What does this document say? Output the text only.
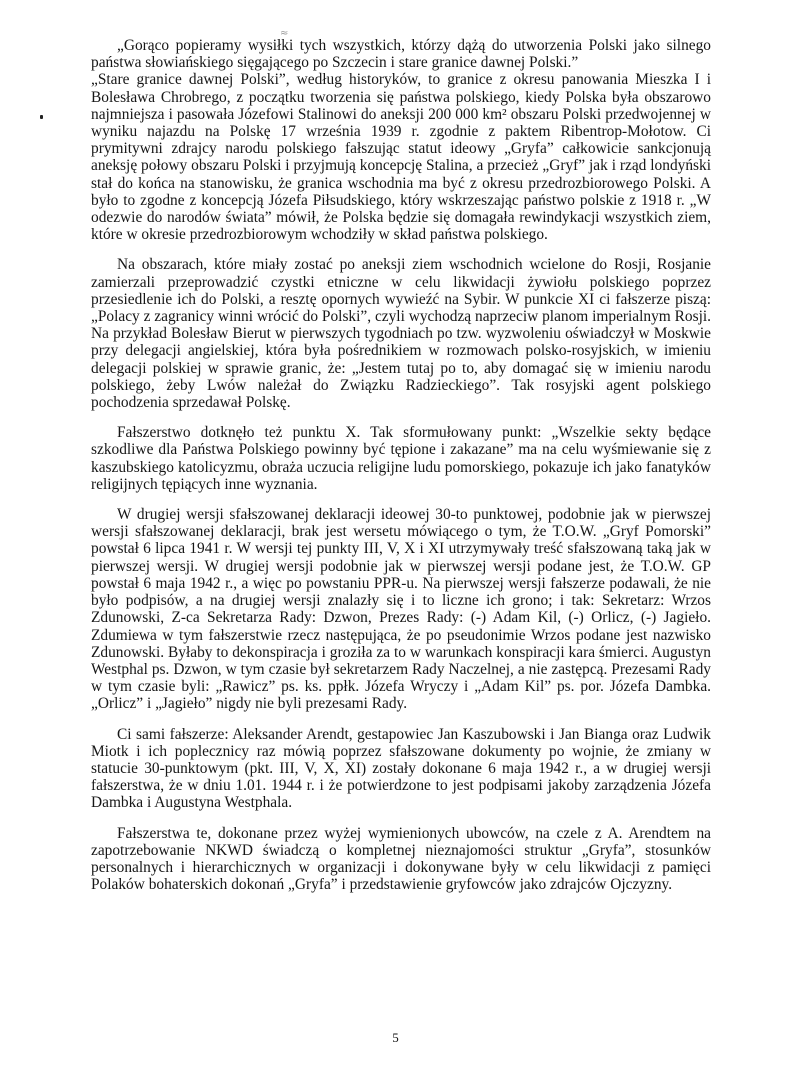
≈

„Gorąco popieramy wysiłki tych wszystkich, którzy dążą do utworzenia Polski jako silnego państwa słowiańskiego sięgającego po Szczecin i stare granice dawnej Polski.”

„Stare granice dawnej Polski”, według historyków, to granice z okresu panowania Mieszka I i Bolesława Chrobrego, z początku tworzenia się państwa polskiego, kiedy Polska była obszarowo najmniejsza i pasowała Józefowi Stalinowi do aneksji 200 000 km² obszaru Polski przedwojennej w wyniku najazdu na Polskę 17 września 1939 r. zgodnie z paktem Ribentrop-Mołotow. Ci prymitywni zdrajcy narodu polskiego fałszując statut ideowy „Gryfa” całkowicie sankcjonują aneksję połowy obszaru Polski i przyjmują koncepcję Stalina, a przecież „Gryf” jak i rząd londyński stał do końca na stanowisku, że granica wschodnia ma być z okresu przedrozbiorowego Polski. A było to zgodne z koncepcją Józefa Piłsudskiego, który wskrzeszając państwo polskie z 1918 r. „W odezwie do narodów świata” mówił, że Polska będzie się domagała rewindykacji wszystkich ziem, które w okresie przedrozbiorowym wchodziły w skład państwa polskiego.

Na obszarach, które miały zostać po aneksji ziem wschodnich wcielone do Rosji, Rosjanie zamierzali przeprowadzić czystki etniczne w celu likwidacji żywiołu polskiego poprzez przesiedlenie ich do Polski, a resztę opornych wywieźć na Sybir. W punkcie XI ci fałszerze piszą: „Polacy z zagranicy winni wrócić do Polski”, czyli wychodzą naprzeciw planom imperialnym Rosji. Na przykład Bolesław Bierut w pierwszych tygodniach po tzw. wyzwoleniu oświadczył w Moskwie przy delegacji angielskiej, która była pośrednikiem w rozmowach polsko-rosyjskich, w imieniu delegacji polskiej w sprawie granic, że: „Jestem tutaj po to, aby domagać się w imieniu narodu polskiego, żeby Lwów należał do Związku Radzieckiego”. Tak rosyjski agent polskiego pochodzenia sprzedawał Polskę.

Fałszerstwo dotknęło też punktu X. Tak sformułowany punkt: „Wszelkie sekty będące szkodliwe dla Państwa Polskiego powinny być tępione i zakazane” ma na celu wyśmiewanie się z kaszubskiego katolicyzmu, obraża uczucia religijne ludu pomorskiego, pokazuje ich jako fanatyków religijnych tępiących inne wyznania.

W drugiej wersji sfałszowanej deklaracji ideowej 30-to punktowej, podobnie jak w pierwszej wersji sfałszowanej deklaracji, brak jest wersetu mówiącego o tym, że T.O.W. „Gryf Pomorski” powstał 6 lipca 1941 r. W wersji tej punkty III, V, X i XI utrzymywały treść sfałszowaną taką jak w pierwszej wersji. W drugiej wersji podobnie jak w pierwszej wersji podane jest, że T.O.W. GP powstał 6 maja 1942 r., a więc po powstaniu PPR-u. Na pierwszej wersji fałszerze podawali, że nie było podpisów, a na drugiej wersji znalazły się i to liczne ich grono; i tak: Sekretarz: Wrzos Zdunowski, Z-ca Sekretarza Rady: Dzwon, Prezes Rady: (-) Adam Kil, (-) Orlicz, (-) Jagieło. Zdumiewa w tym fałszerstwie rzecz następująca, że po pseudonimie Wrzos podane jest nazwisko Zdunowski. Byłaby to dekonspiracja i groziła za to w warunkach konspiracji kara śmierci. Augustyn Westphal ps. Dzwon, w tym czasie był sekretarzem Rady Naczelnej, a nie zastępcą. Prezesami Rady w tym czasie byli: „Rawicz” ps. ks. ppłk. Józefa Wryczy i „Adam Kil” ps. por. Józefa Dambka. „Orlicz” i „Jagieło” nigdy nie byli prezesami Rady.

Ci sami fałszerze: Aleksander Arendt, gestapowiec Jan Kaszubowski i Jan Bianga oraz Ludwik Miotk i ich poplecznicy raz mówią poprzez sfałszowane dokumenty po wojnie, że zmiany w statucie 30-punktowym (pkt. III, V, X, XI) zostały dokonane 6 maja 1942 r., a w drugiej wersji fałszerstwa, że w dniu 1.01. 1944 r. i że potwierdzone to jest podpisami jakoby zarządzenia Józefa Dambka i Augustyna Westphala.

Fałszerstwa te, dokonane przez wyżej wymienionych ubowców, na czele z A. Arendtem na zapotrzebowanie NKWD świadczą o kompletnej nieznajomości struktur „Gryfa”, stosunków personalnych i hierarchicznych w organizacji i dokonywane były w celu likwidacji z pamięci Polaków bohaterskich dokonań „Gryfa” i przedstawienie gryfowców jako zdrajców Ojczyzny.

5
